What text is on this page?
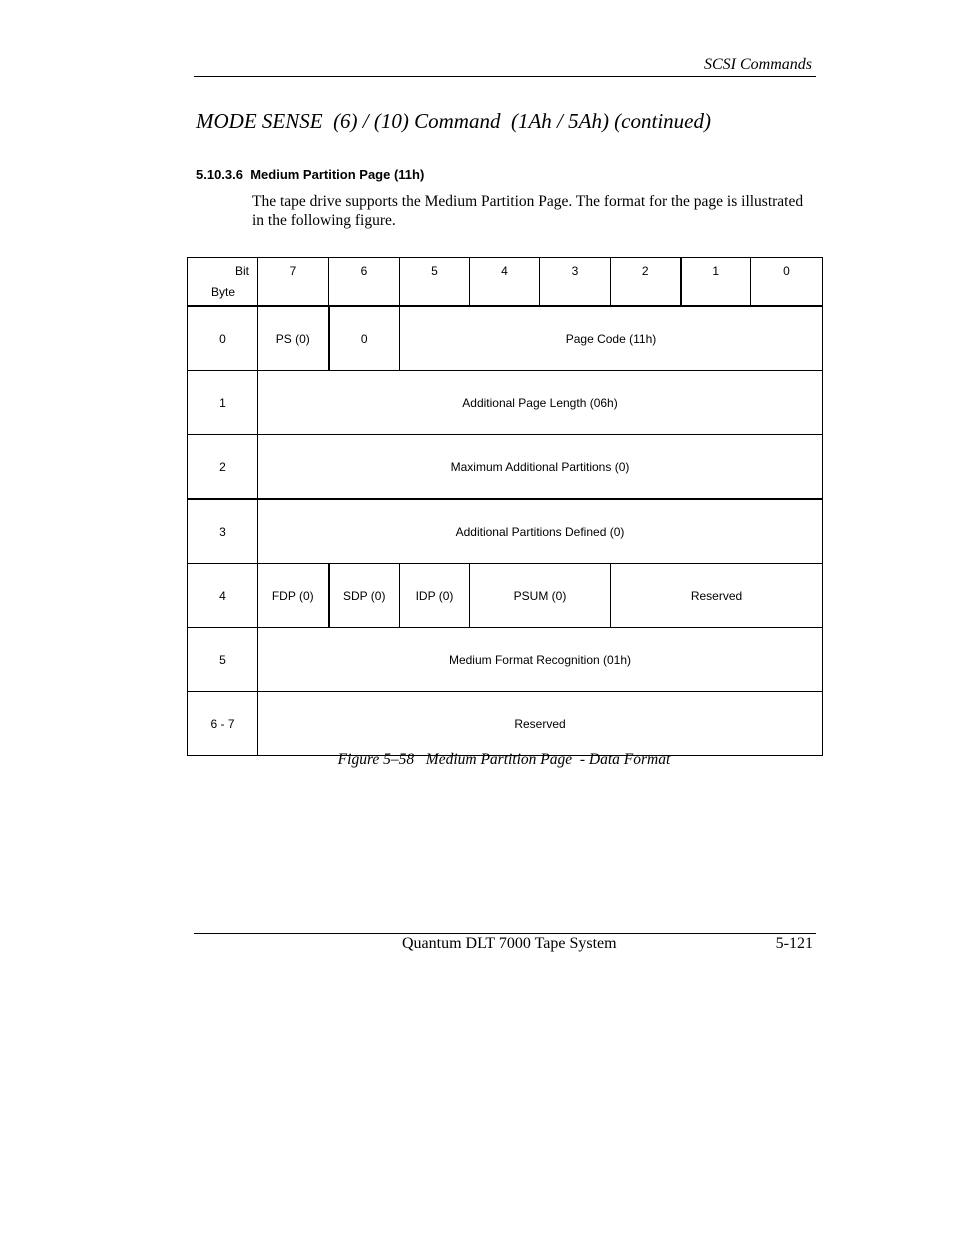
SCSI Commands
MODE SENSE  (6) / (10) Command  (1Ah / 5Ah) (continued)
5.10.3.6  Medium Partition Page (11h)
The tape drive supports the Medium Partition Page. The format for the page is illustrated in the following figure.
Bit
Byte	7	6	5	4	3	2	1	0
0	PS (0)	0	Page Code (11h)					
1	Additional Page Length (06h)							
2	Maximum Additional Partitions (0)							
3	Additional Partitions Defined (0)							
4	FDP (0)	SDP (0)	IDP (0)	PSUM (0)		Reserved		
5	Medium Format Recognition (01h)							
6 - 7	Reserved							
Figure 5–58   Medium Partition Page  - Data Format
Quantum DLT 7000 Tape System	5-121
